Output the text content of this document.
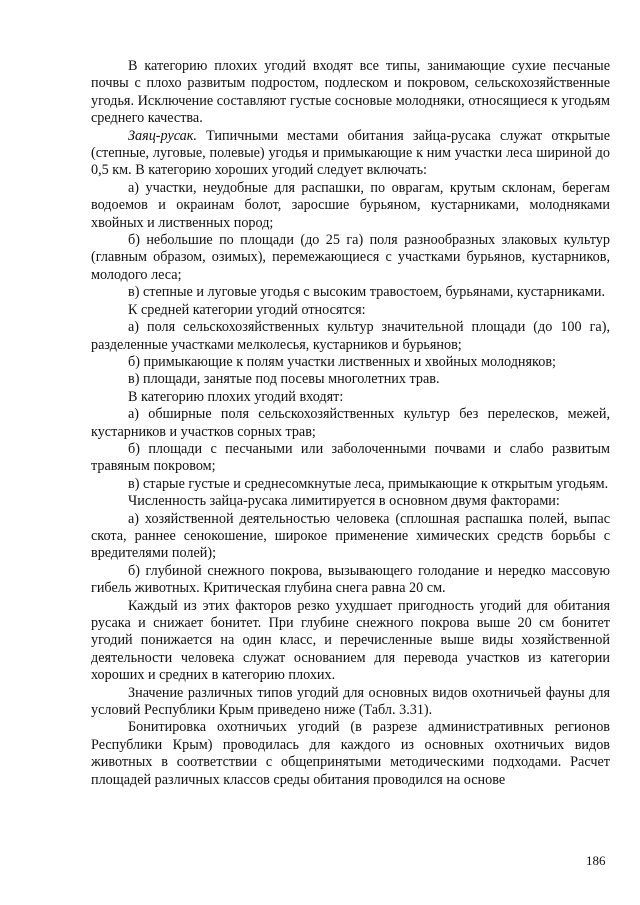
В категорию плохих угодий входят все типы, занимающие сухие песчаные почвы с плохо развитым подростом, подлеском и покровом, сельскохозяйственные угодья. Исключение составляют густые сосновые молодняки, относящиеся к угодьям среднего качества.

Заяц-русак. Типичными местами обитания зайца-русака служат открытые (степные, луговые, полевые) угодья и примыкающие к ним участки леса шириной до 0,5 км. В категорию хороших угодий следует включать:

а) участки, неудобные для распашки, по оврагам, крутым склонам, берегам водоемов и окраинам болот, заросшие бурьяном, кустарниками, молодняками хвойных и лиственных пород;

б) небольшие по площади (до 25 га) поля разнообразных злаковых культур (главным образом, озимых), перемежающиеся с участками бурьянов, кустарников, молодого леса;

в) степные и луговые угодья с высоким травостоем, бурьянами, кустарниками.

К средней категории угодий относятся:

а) поля сельскохозяйственных культур значительной площади (до 100 га), разделенные участками мелколесья, кустарников и бурьянов;

б) примыкающие к полям участки лиственных и хвойных молодняков;

в) площади, занятые под посевы многолетних трав.

В категорию плохих угодий входят:

а) обширные поля сельскохозяйственных культур без перелесков, межей, кустарников и участков сорных трав;

б) площади с песчаными или заболоченными почвами и слабо развитым травяным покровом;

в) старые густые и среднесомкнутые леса, примыкающие к открытым угодьям.

Численность зайца-русака лимитируется в основном двумя факторами:

а) хозяйственной деятельностью человека (сплошная распашка полей, выпас скота, раннее сенокошение, широкое применение химических средств борьбы с вредителями полей);

б) глубиной снежного покрова, вызывающего голодание и нередко массовую гибель животных. Критическая глубина снега равна 20 см.

Каждый из этих факторов резко ухудшает пригодность угодий для обитания русака и снижает бонитет. При глубине снежного покрова выше 20 см бонитет угодий понижается на один класс, и перечисленные выше виды хозяйственной деятельности человека служат основанием для перевода участков из категории хороших и средних в категорию плохих.

Значение различных типов угодий для основных видов охотничьей фауны для условий Республики Крым приведено ниже (Табл. 3.31).

Бонитировка охотничьих угодий (в разрезе административных регионов Республики Крым) проводилась для каждого из основных охотничьих видов животных в соответствии с общепринятыми методическими подходами. Расчет площадей различных классов среды обитания проводился на основе

186
